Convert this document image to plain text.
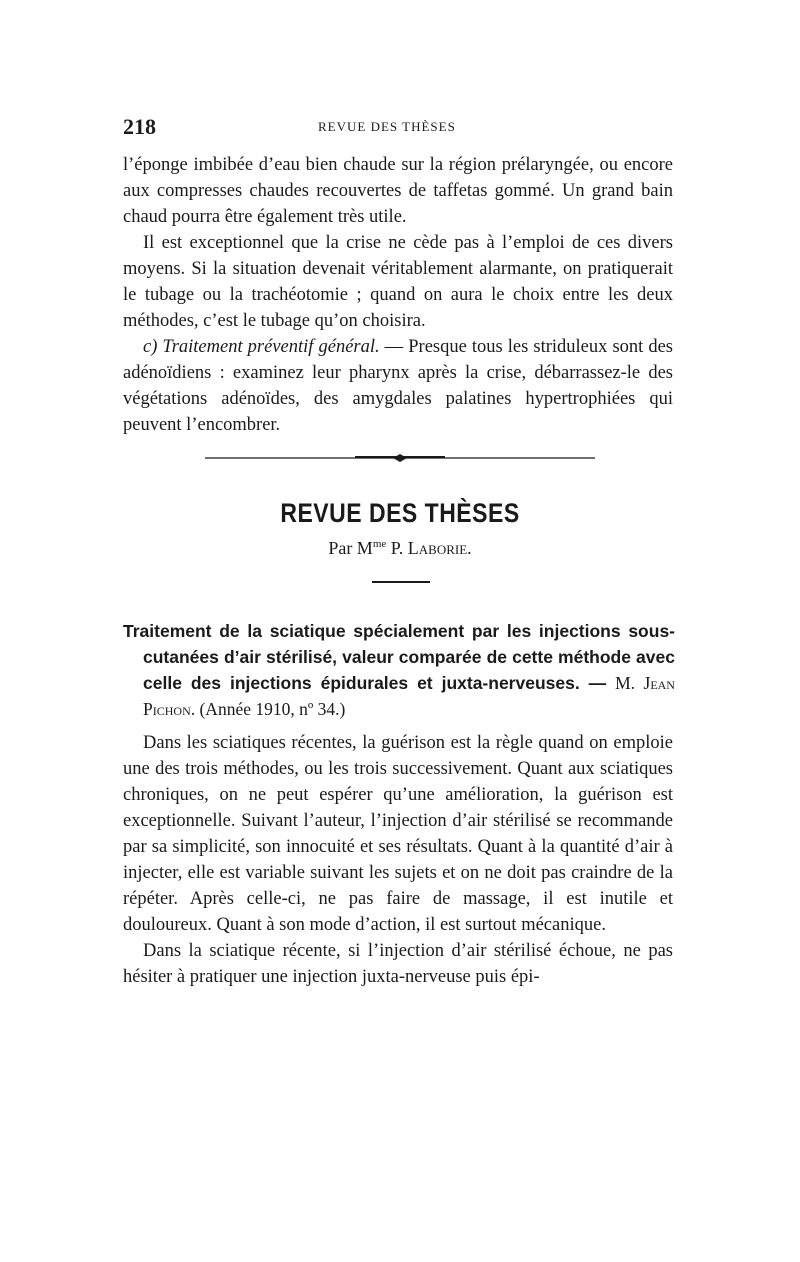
218	REVUE DES THÈSES

l’éponge imbibée d’eau bien chaude sur la région prélaryngée, ou encore aux compresses chaudes recouvertes de taffetas gommé. Un grand bain chaud pourra être également très utile.

Il est exceptionnel que la crise ne cède pas à l’emploi de ces divers moyens. Si la situation devenait véritablement alarmante, on pratiquerait le tubage ou la trachéotomie ; quand on aura le choix entre les deux méthodes, c’est le tubage qu’on choisira.

c) Traitement préventif général. — Presque tous les striduleux sont des adénoïdiens : examinez leur pharynx après la crise, débarrassez-le des végétations adénoïdes, des amygdales palatines hypertrophiées qui peuvent l’encombrer.

REVUE DES THÈSES
Par $M^{me}$ P. Laborie.
Traitement de la sciatique spécialement par les injections sous-cutanées d’air stérilisé, valeur comparée de cette méthode avec celle des injections épidurales et juxta-nerveuses. — M. Jean Pichon. (Année 1910, nº 34.)

Dans les sciatiques récentes, la guérison est la règle quand on emploie une des trois méthodes, ou les trois successivement. Quant aux sciatiques chroniques, on ne peut espérer qu’une amélioration, la guérison est exceptionnelle. Suivant l’auteur, l’injection d’air stérilisé se recommande par sa simplicité, son innocuité et ses résultats. Quant à la quantité d’air à injecter, elle est variable suivant les sujets et on ne doit pas craindre de la répéter. Après celle-ci, ne pas faire de massage, il est inutile et douloureux. Quant à son mode d’action, il est surtout mécanique.

Dans la sciatique récente, si l’injection d’air stérilisé échoue, ne pas hésiter à pratiquer une injection juxta-nerveuse puis épi-
